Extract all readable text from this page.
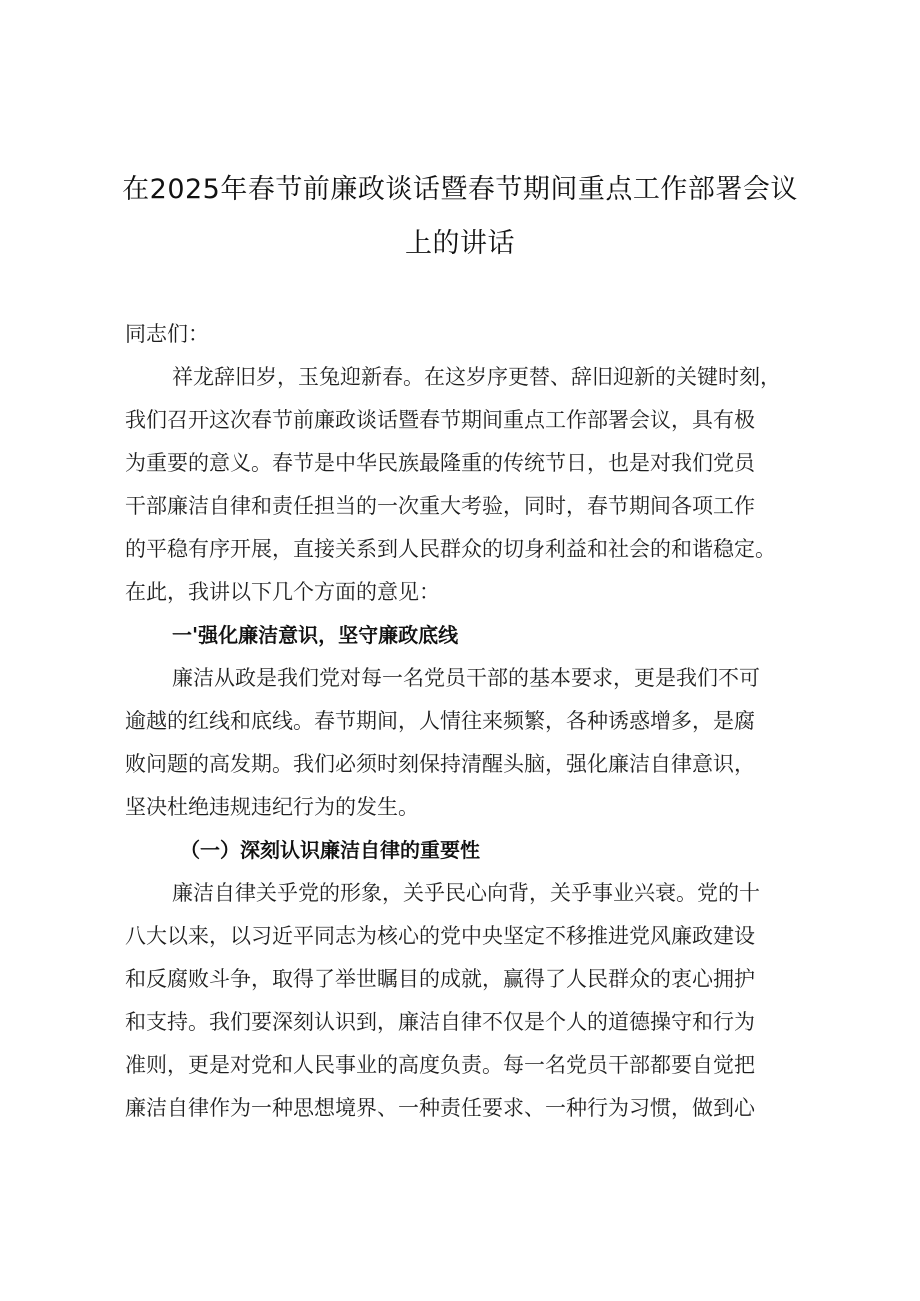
在2025年春节前廉政谈话暨春节期间重点工作部署会议
上的讲话
同志们：
祥龙辞旧岁，玉兔迎新春。在这岁序更替、辞旧迎新的关键时刻，
我们召开这次春节前廉政谈话暨春节期间重点工作部署会议，具有极
为重要的意义。春节是中华民族最隆重的传统节日，也是对我们党员
干部廉洁自律和责任担当的一次重大考验，同时，春节期间各项工作
的平稳有序开展，直接关系到人民群众的切身利益和社会的和谐稳定。
在此，我讲以下几个方面的意见：
一'强化廉洁意识，坚守廉政底线
廉洁从政是我们党对每一名党员干部的基本要求，更是我们不可
逾越的红线和底线。春节期间，人情往来频繁，各种诱惑增多，是腐
败问题的高发期。我们必须时刻保持清醒头脑，强化廉洁自律意识，
坚决杜绝违规违纪行为的发生。
（一）深刻认识廉洁自律的重要性
廉洁自律关乎党的形象，关乎民心向背，关乎事业兴衰。党的十
八大以来，以习近平同志为核心的党中央坚定不移推进党风廉政建设
和反腐败斗争，取得了举世瞩目的成就，赢得了人民群众的衷心拥护
和支持。我们要深刻认识到，廉洁自律不仅是个人的道德操守和行为
准则，更是对党和人民事业的高度负责。每一名党员干部都要自觉把
廉洁自律作为一种思想境界、一种责任要求、一种行为习惯，做到心
